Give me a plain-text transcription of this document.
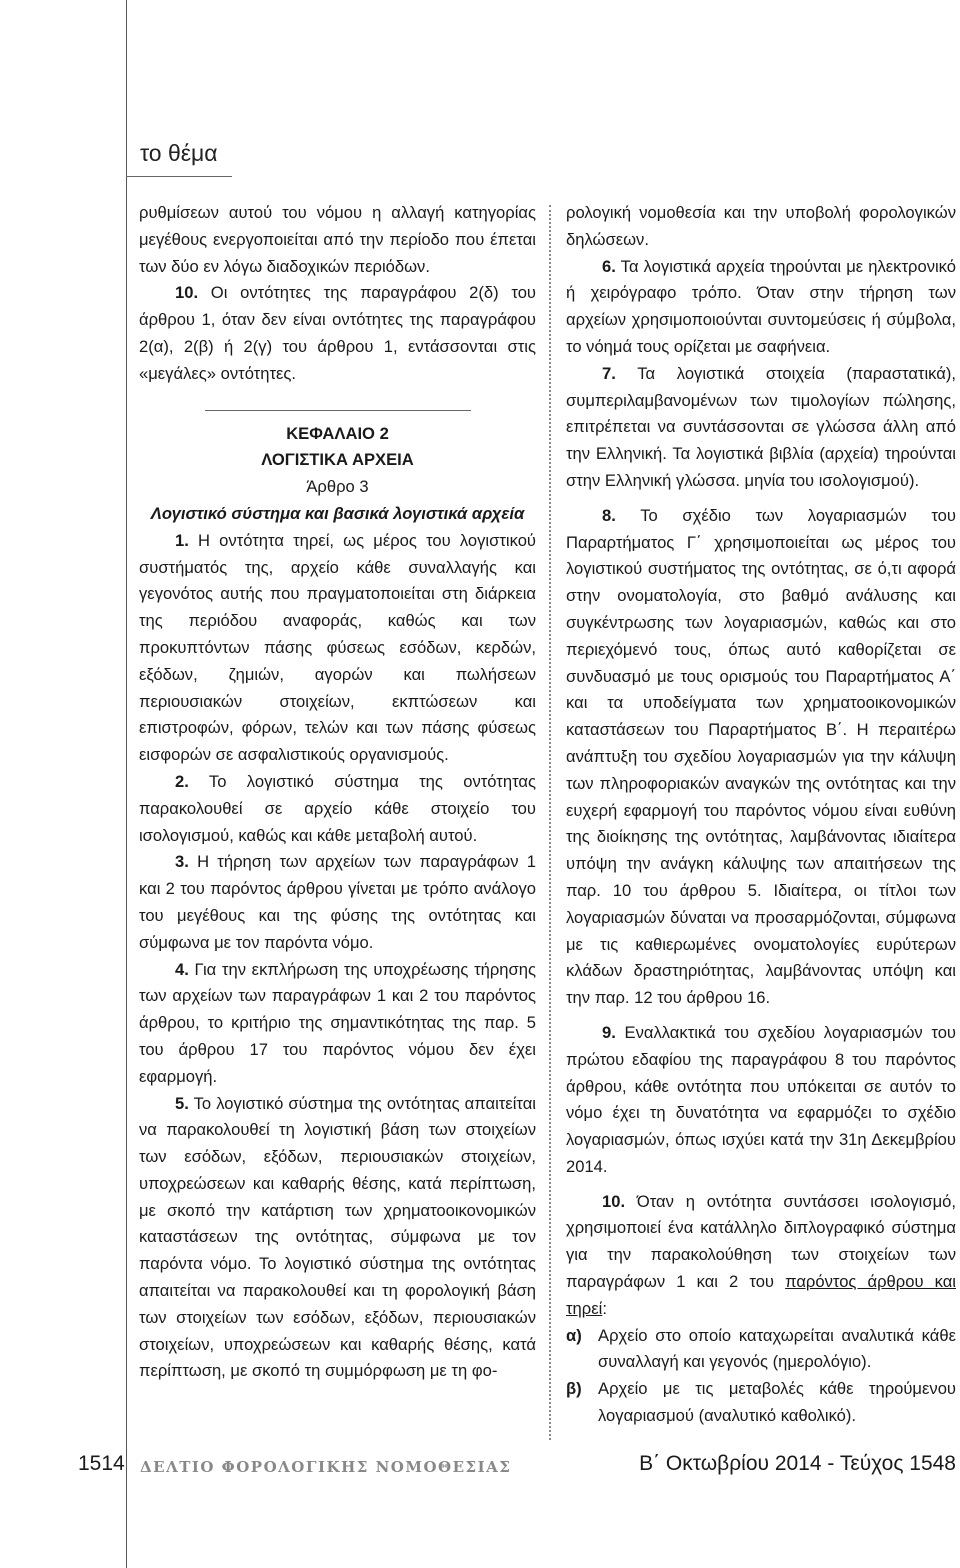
το θέμα

ρυθμίσεων αυτού του νόμου η αλλαγή κατηγορίας μεγέθους ενεργοποιείται από την περίοδο που έπεται των δύο εν λόγω διαδοχικών περιόδων.

10. Οι οντότητες της παραγράφου 2(δ) του άρθρου 1, όταν δεν είναι οντότητες της παραγράφου 2(α), 2(β) ή 2(γ) του άρθρου 1, εντάσσονται στις «μεγάλες» οντότητες.

ΚΕΦΑΛΑΙΟ 2

ΛΟΓΙΣΤΙΚΑ ΑΡΧΕΙΑ

Άρθρο 3

Λογιστικό σύστημα και βασικά λογιστικά αρχεία

1. Η οντότητα τηρεί, ως μέρος του λογιστικού συστήματός της, αρχείο κάθε συναλλαγής και γεγονότος αυτής που πραγματοποιείται στη διάρκεια της περιόδου αναφοράς, καθώς και των προκυπτόντων πάσης φύσεως εσόδων, κερδών, εξόδων, ζημιών, αγορών και πωλήσεων περιουσιακών στοιχείων, εκπτώσεων και επιστροφών, φόρων, τελών και των πάσης φύσεως εισφορών σε ασφαλιστικούς οργανισμούς.

2. Το λογιστικό σύστημα της οντότητας παρακολουθεί σε αρχείο κάθε στοιχείο του ισολογισμού, καθώς και κάθε μεταβολή αυτού.

3. Η τήρηση των αρχείων των παραγράφων 1 και 2 του παρόντος άρθρου γίνεται με τρόπο ανάλογο του μεγέθους και της φύσης της οντότητας και σύμφωνα με τον παρόντα νόμο.

4. Για την εκπλήρωση της υποχρέωσης τήρησης των αρχείων των παραγράφων 1 και 2 του παρόντος άρθρου, το κριτήριο της σημαντικότητας της παρ. 5 του άρθρου 17 του παρόντος νόμου δεν έχει εφαρμογή.

5. Το λογιστικό σύστημα της οντότητας απαιτείται να παρακολουθεί τη λογιστική βάση των στοιχείων των εσόδων, εξόδων, περιουσιακών στοιχείων, υποχρεώσεων και καθαρής θέσης, κατά περίπτωση, με σκοπό την κατάρτιση των χρηματοοικονομικών καταστάσεων της οντότητας, σύμφωνα με τον παρόντα νόμο. Το λογιστικό σύστημα της οντότητας απαιτείται να παρακολουθεί και τη φορολογική βάση των στοιχείων των εσόδων, εξόδων, περιουσιακών στοιχείων, υποχρεώσεων και καθαρής θέσης, κατά περίπτωση, με σκοπό τη συμμόρφωση με τη φο-

ρολογική νομοθεσία και την υποβολή φορολογικών δηλώσεων.

6. Τα λογιστικά αρχεία τηρούνται με ηλεκτρονικό ή χειρόγραφο τρόπο. Όταν στην τήρηση των αρχείων χρησιμοποιούνται συντομεύσεις ή σύμβολα, το νόημά τους ορίζεται με σαφήνεια.

7. Τα λογιστικά στοιχεία (παραστατικά), συμπεριλαμβανομένων των τιμολογίων πώλησης, επιτρέπεται να συντάσσονται σε γλώσσα άλλη από την Ελληνική. Τα λογιστικά βιβλία (αρχεία) τηρούνται στην Ελληνική γλώσσα. μηνία του ισολογισμού).

8. Το σχέδιο των λογαριασμών του Παραρτήματος Γ΄ χρησιμοποιείται ως μέρος του λογιστικού συστήματος της οντότητας, σε ό,τι αφορά στην ονοματολογία, στο βαθμό ανάλυσης και συγκέντρωσης των λογαριασμών, καθώς και στο περιεχόμενό τους, όπως αυτό καθορίζεται σε συνδυασμό με τους ορισμούς του Παραρτήματος Α΄ και τα υποδείγματα των χρηματοοικονομικών καταστάσεων του Παραρτήματος Β΄. Η περαιτέρω ανάπτυξη του σχεδίου λογαριασμών για την κάλυψη των πληροφοριακών αναγκών της οντότητας και την ευχερή εφαρμογή του παρόντος νόμου είναι ευθύνη της διοίκησης της οντότητας, λαμβάνοντας ιδιαίτερα υπόψη την ανάγκη κάλυψης των απαιτήσεων της παρ. 10 του άρθρου 5. Ιδιαίτερα, οι τίτλοι των λογαριασμών δύναται να προσαρμόζονται, σύμφωνα με τις καθιερωμένες ονοματολογίες ευρύτερων κλάδων δραστηριότητας, λαμβάνοντας υπόψη και την παρ. 12 του άρθρου 16.

9. Εναλλακτικά του σχεδίου λογαριασμών του πρώτου εδαφίου της παραγράφου 8 του παρόντος άρθρου, κάθε οντότητα που υπόκειται σε αυτόν το νόμο έχει τη δυνατότητα να εφαρμόζει το σχέδιο λογαριασμών, όπως ισχύει κατά την 31η Δεκεμβρίου 2014.

10. Όταν η οντότητα συντάσσει ισολογισμό, χρησιμοποιεί ένα κατάλληλο διπλογραφικό σύστημα για την παρακολούθηση των στοιχείων των παραγράφων 1 και 2 του παρόντος άρθρου και τηρεί:

α) Αρχείο στο οποίο καταχωρείται αναλυτικά κάθε συναλλαγή και γεγονός (ημερολόγιο).
β) Αρχείο με τις μεταβολές κάθε τηρούμενου λογαριασμού (αναλυτικό καθολικό).
1514 ΔΕΛΤΙΟ ΦΟΡΟΛΟΓΙΚΗΣ ΝΟΜΟΘΕΣΙΑΣ	Β΄ Οκτωβρίου 2014 - Τεύχος 1548
